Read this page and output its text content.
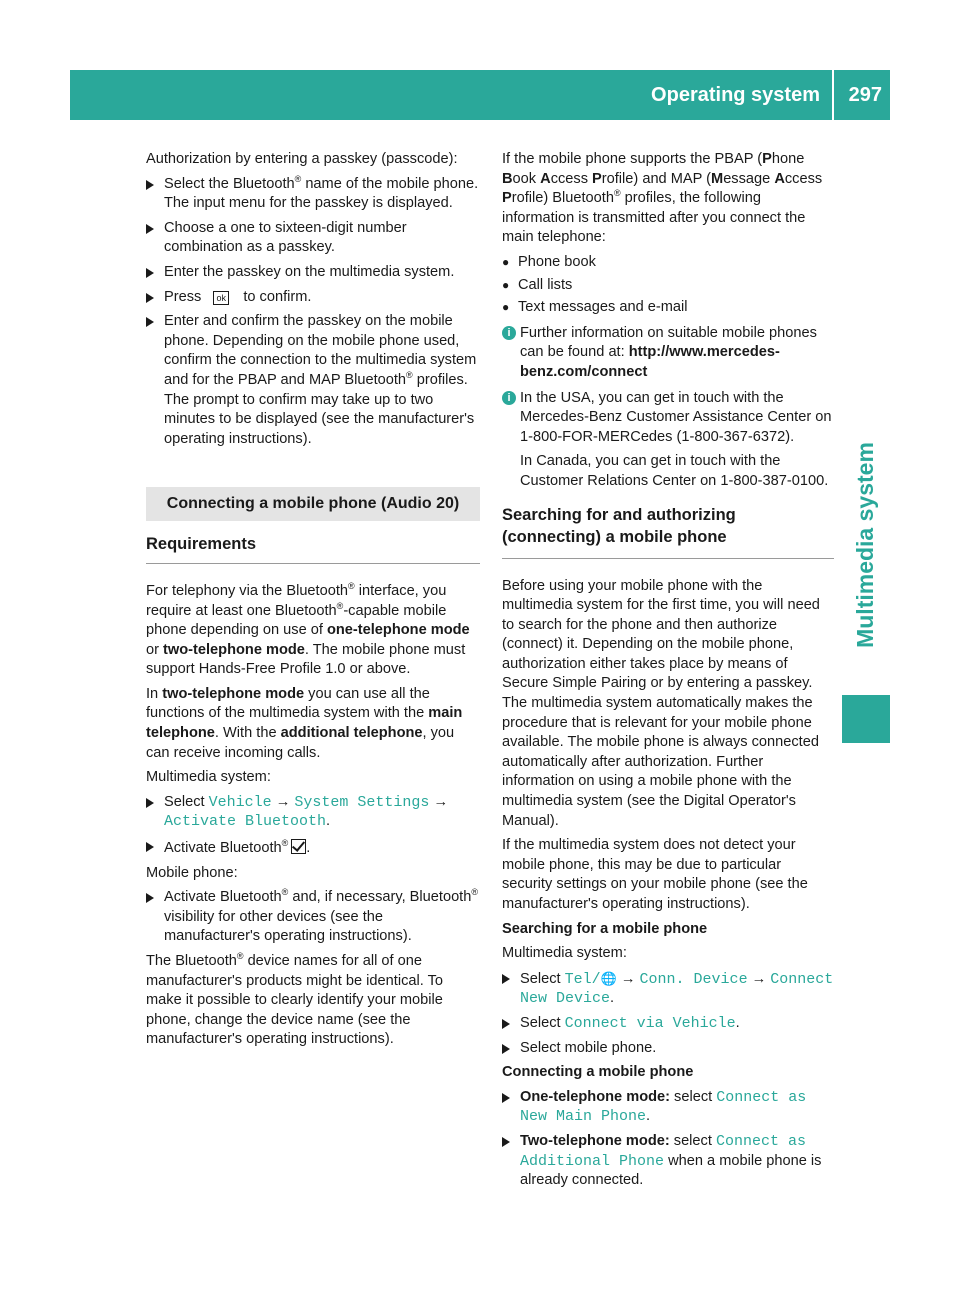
Operating system 297
Multimedia system

Authorization by entering a passkey (passcode):

Select the Bluetooth® name of the mobile phone.
The input menu for the passkey is displayed.
Choose a one to sixteen-digit number combination as a passkey.
Enter the passkey on the multimedia system.
Press ok to confirm.
Enter and confirm the passkey on the mobile phone. Depending on the mobile phone used, confirm the connection to the multimedia system and for the PBAP and MAP Bluetooth® profiles. The prompt to confirm may take up to two minutes to be displayed (see the manufacturer's operating instructions).
Connecting a mobile phone (Audio 20)
Requirements

For telephony via the Bluetooth® interface, you require at least one Bluetooth®-capable mobile phone depending on use of one-telephone mode or two-telephone mode. The mobile phone must support Hands-Free Profile 1.0 or above.

In two-telephone mode you can use all the functions of the multimedia system with the main telephone. With the additional telephone, you can receive incoming calls.

Multimedia system:

Select Vehicle → System Settings → Activate Bluetooth.
Activate Bluetooth® .

Mobile phone:

Activate Bluetooth® and, if necessary, Bluetooth® visibility for other devices (see the manufacturer's operating instructions).

The Bluetooth® device names for all of one manufacturer's products might be identical. To make it possible to clearly identify your mobile phone, change the device name (see the manufacturer's operating instructions).

If the mobile phone supports the PBAP (Phone Book Access Profile) and MAP (Message Access Profile) Bluetooth® profiles, the following information is transmitted after you connect the main telephone:

● Phone book
● Call lists
● Text messages and e-mail
i Further information on suitable mobile phones can be found at: http://www.mercedes-benz.com/connect
i In the USA, you can get in touch with the Mercedes-Benz Customer Assistance Center on 1-800-FOR-MERCedes (1-800-367-6372).
In Canada, you can get in touch with the Customer Relations Center on 1-800-387-0100.
Searching for and authorizing (connecting) a mobile phone

Before using your mobile phone with the multimedia system for the first time, you will need to search for the phone and then authorize (connect) it. Depending on the mobile phone, authorization either takes place by means of Secure Simple Pairing or by entering a passkey. The multimedia system automatically makes the procedure that is relevant for your mobile phone available. The mobile phone is always connected automatically after authorization. Further information on using a mobile phone with the multimedia system (see the Digital Operator's Manual).

If the multimedia system does not detect your mobile phone, this may be due to particular security settings on your mobile phone (see the manufacturer's operating instructions).

Searching for a mobile phone

Multimedia system:

Select Tel/🌐 → Conn. Device → Connect New Device.
Select Connect via Vehicle.
Select mobile phone.

Connecting a mobile phone

One-telephone mode: select Connect as New Main Phone.
Two-telephone mode: select Connect as Additional Phone when a mobile phone is already connected.
